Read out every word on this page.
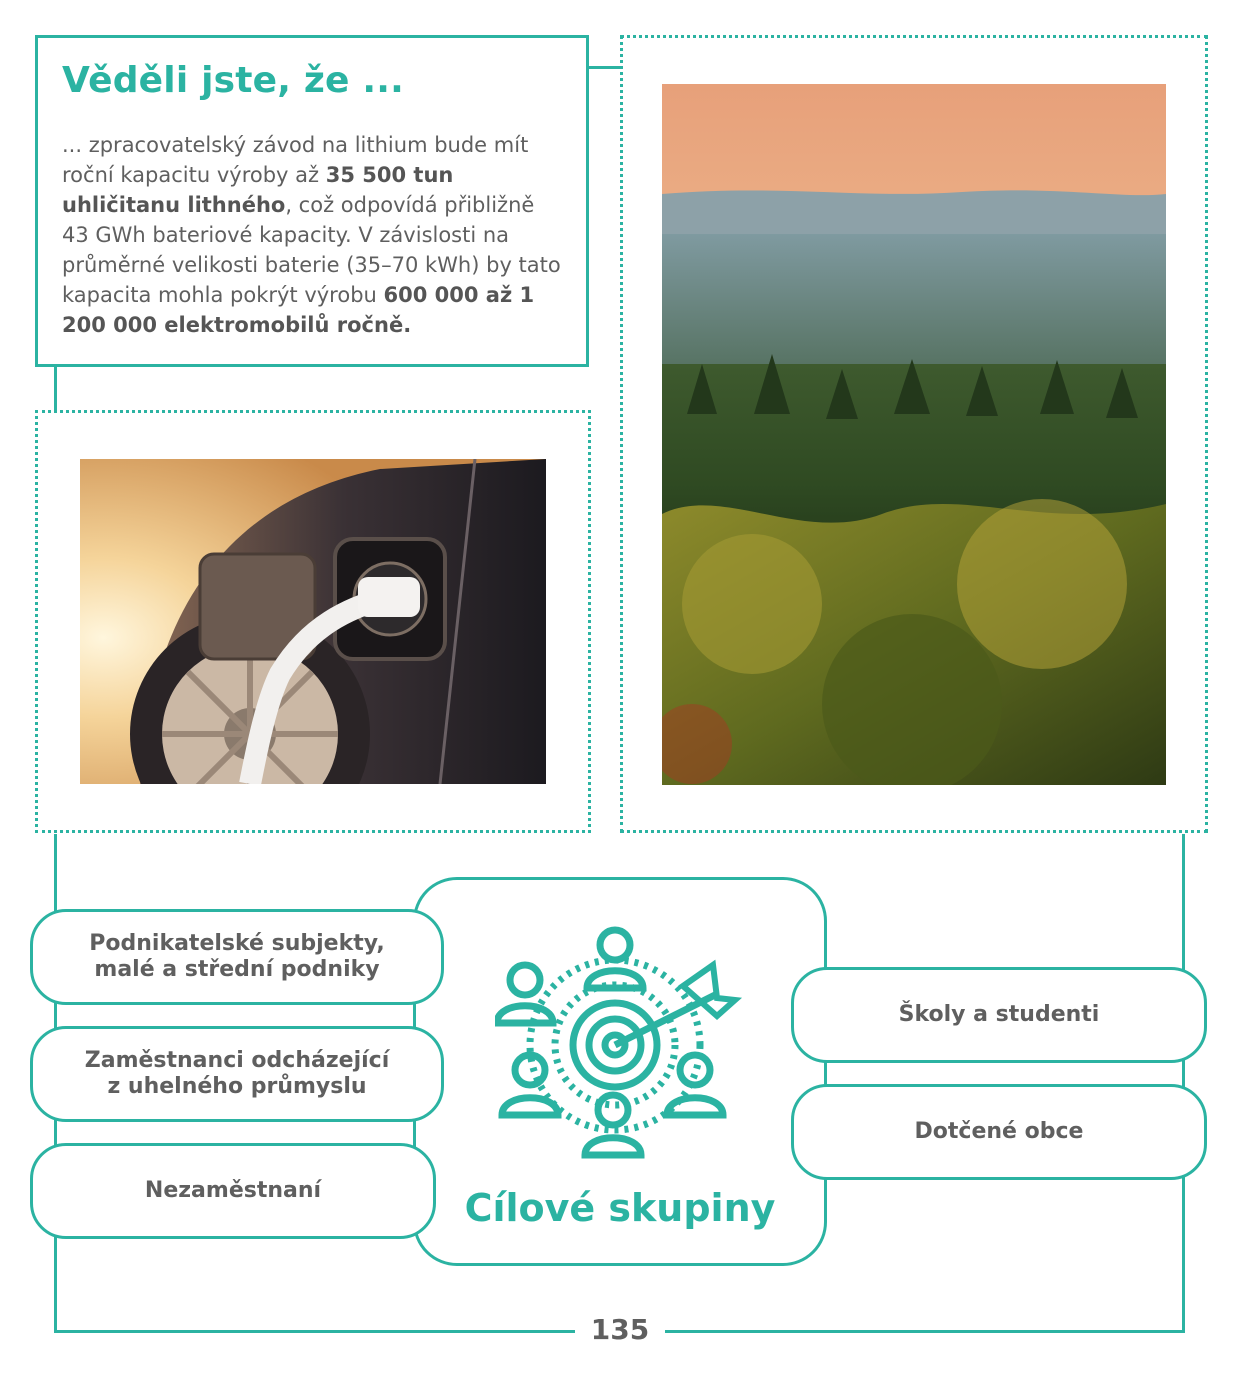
Věděli jste, že ...

... zpracovatelský závod na lithium bude mít roční kapacitu výroby až 35 500 tun uhličitanu lithného, což odpovídá přibližně 43 GWh bateriové kapacity. V závislosti na průměrné velikosti baterie (35–70 kWh) by tato kapacita mohla pokrýt výrobu 600 000 až 1 200 000 elektromobilů ročně.

Cílové skupiny
Podnikatelské subjekty,
malé a střední podniky
Zaměstnanci odcházející
z uhelného průmyslu
Nezaměstnaní
Školy a studenti
Dotčené obce
135
